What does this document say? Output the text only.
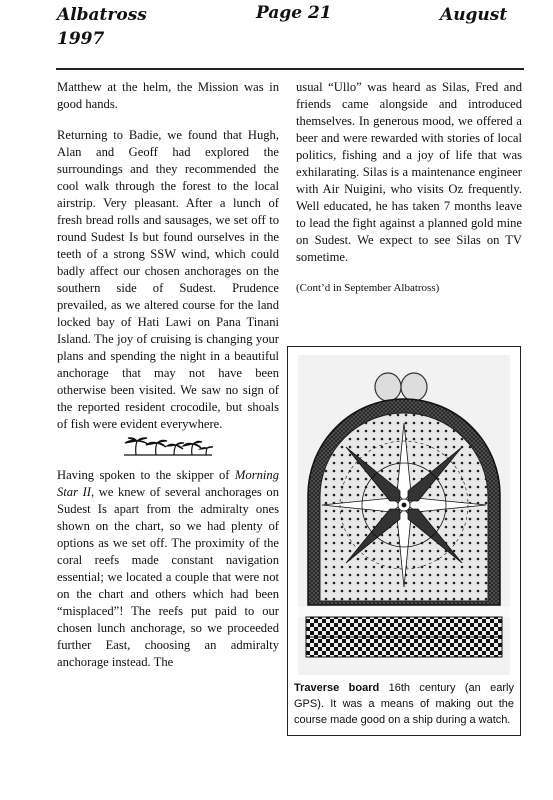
Albatross
1997
Page 21	August

Matthew at the helm, the Mission was in good hands.

Returning to Badie, we found that Hugh, Alan and Geoff had explored the surroundings and they recommended the cool walk through the forest to the local airstrip. Very pleasant. After a lunch of fresh bread rolls and sausages, we set off to round Sudest Is but found ourselves in the teeth of a strong SSW wind, which could badly affect our chosen anchorages on the southern side of Sudest. Prudence prevailed, as we altered course for the land locked bay of Hati Lawi on Pana Tinani Island. The joy of cruising is changing your plans and spending the night in a beautiful anchorage that may not have been otherwise been visited. We saw no sign of the reported resident crocodile, but shoals of fish were evident everywhere.

Having spoken to the skipper of Morning Star II, we knew of several anchorages on Sudest Is apart from the admiralty ones shown on the chart, so we had plenty of options as we set off. The proximity of the coral reefs made constant navigation essential; we located a couple that were not on the chart and others which had been “misplaced”! The reefs put paid to our chosen lunch anchorage, so we proceeded further East, choosing an admiralty anchorage instead. The

usual “Ullo” was heard as Silas, Fred and friends came alongside and introduced themselves. In generous mood, we offered a beer and were rewarded with stories of local politics, fishing and a joy of life that was exhilarating. Silas is a maintenance engineer with Air Nuigini, who visits Oz frequently. Well educated, he has taken 7 months leave to lead the fight against a planned gold mine on Sudest. We expect to see Silas on TV sometime.

(Cont’d in September Albatross)

Traverse board 16th century (an early GPS). It was a means of making out the course made good on a ship during a watch.
